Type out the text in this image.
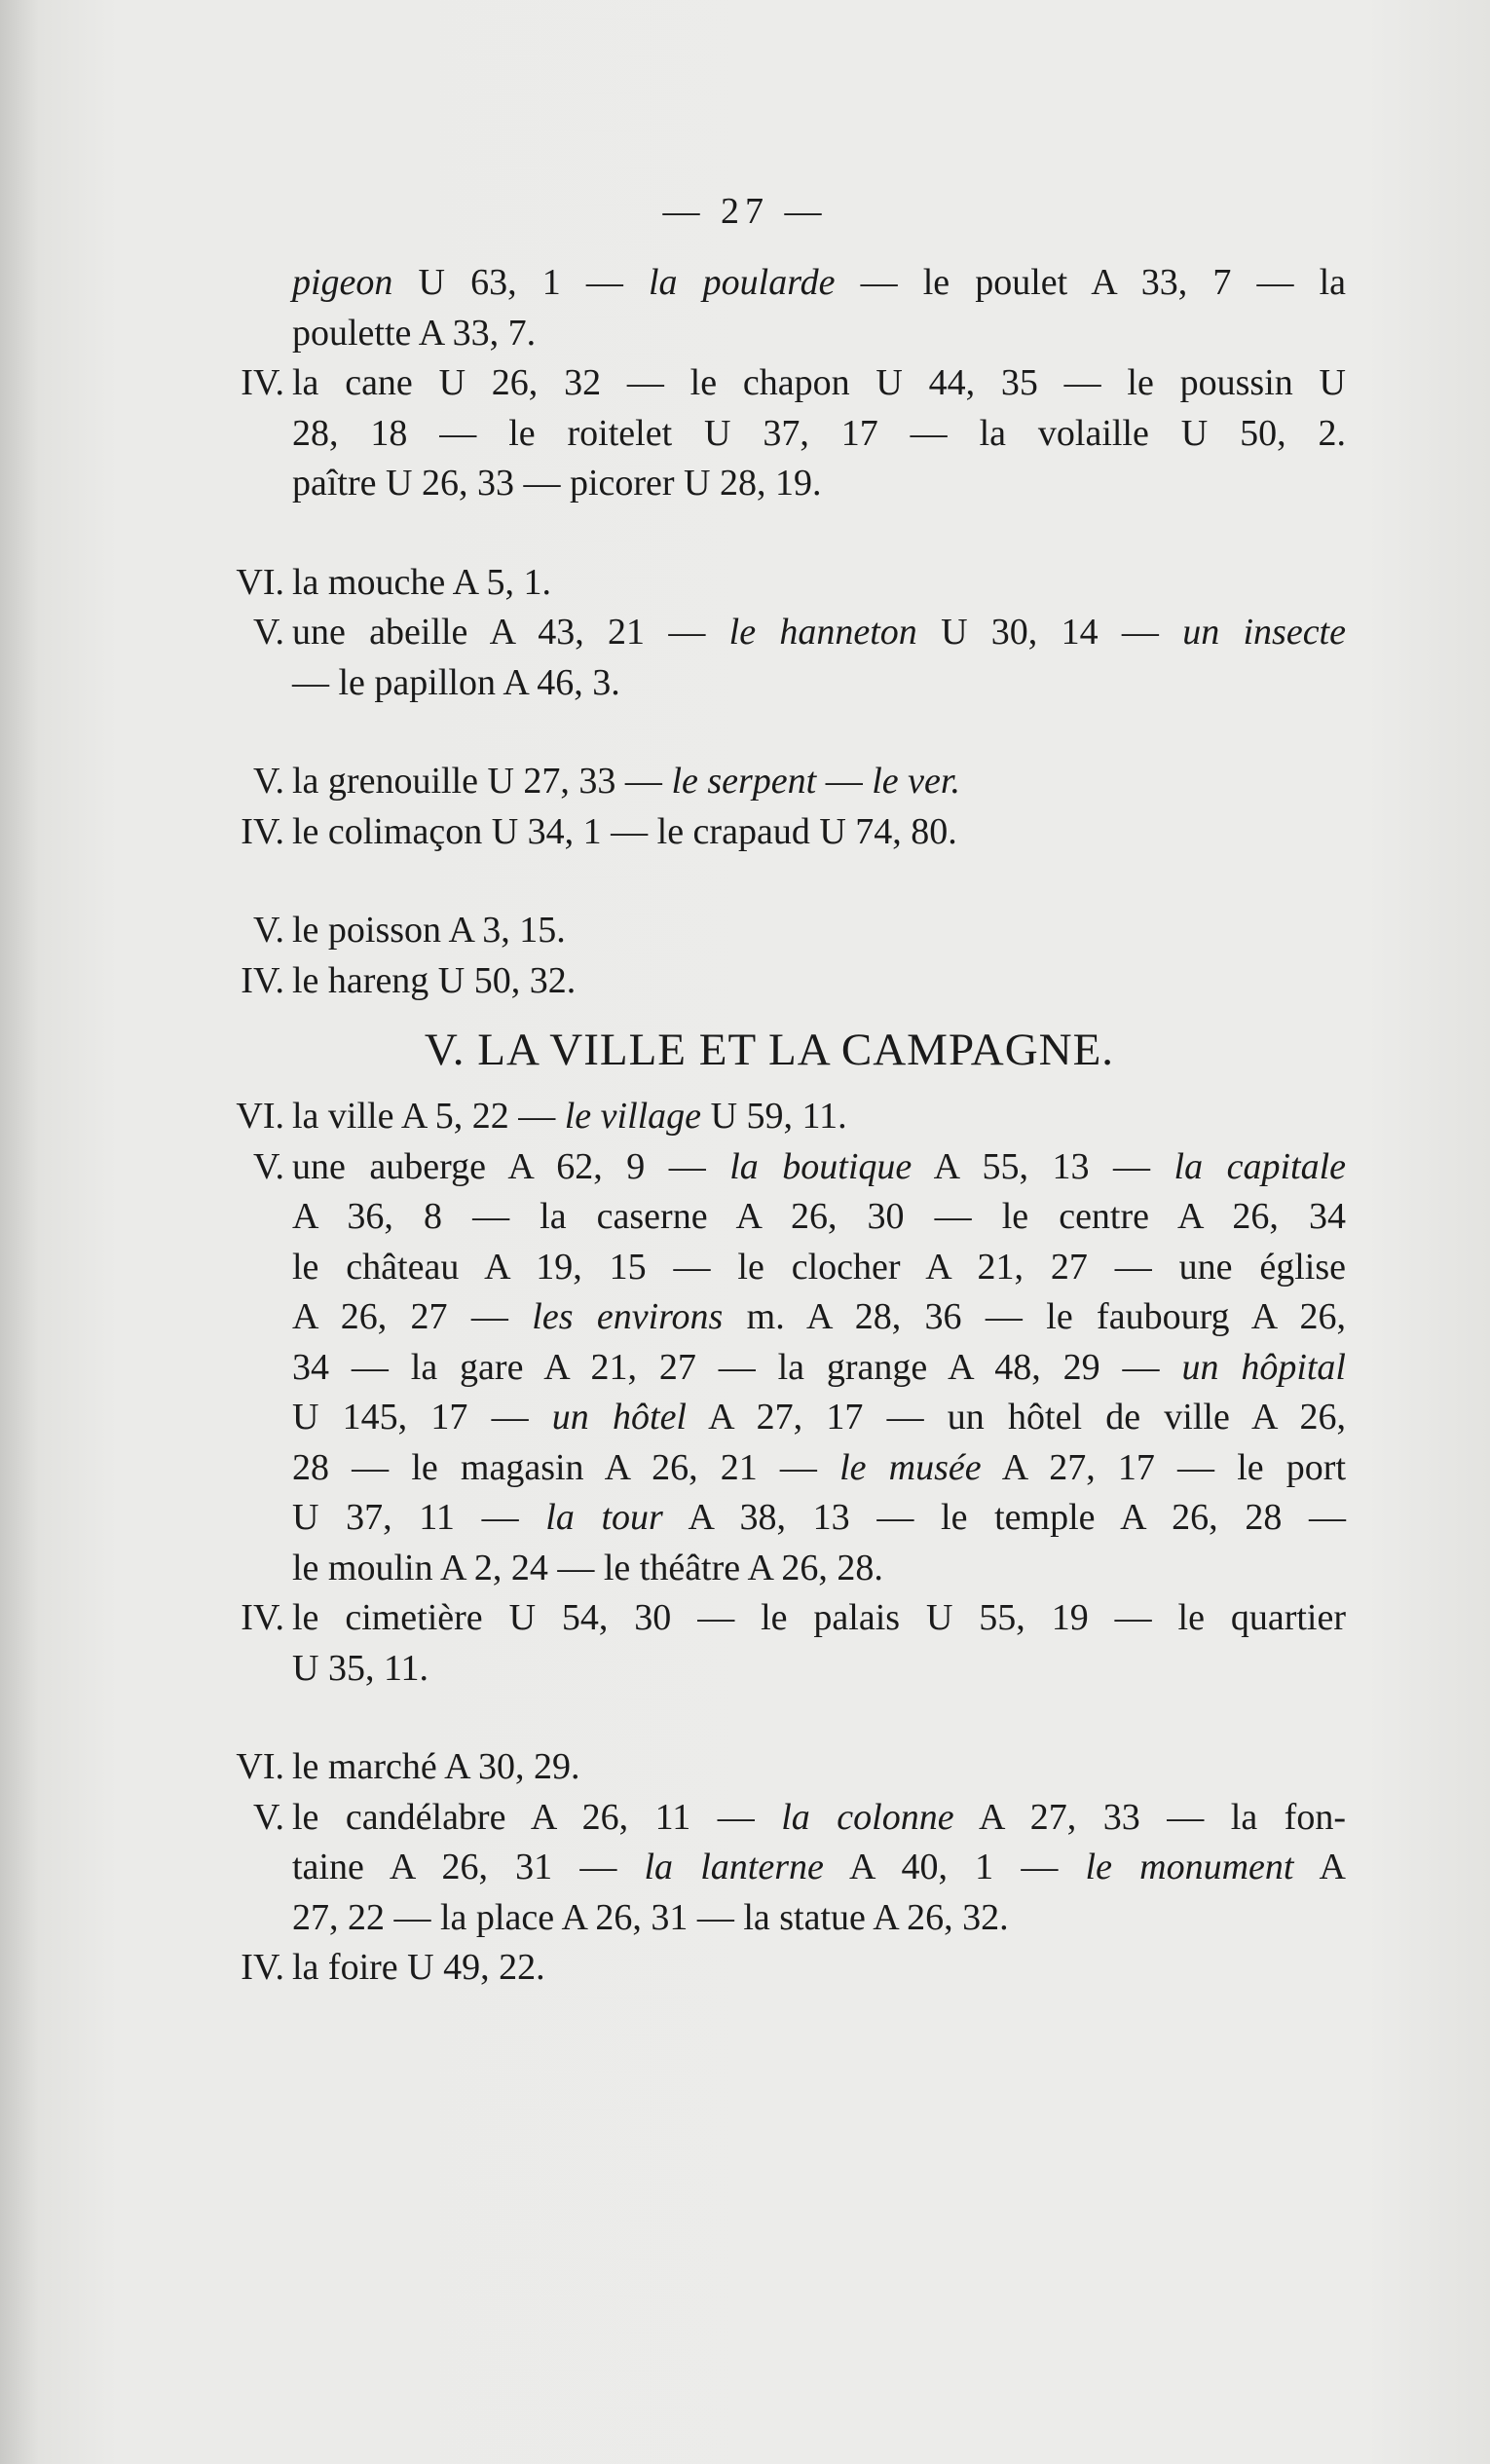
— 27 —
pigeon U 63, 1 — la poularde — le poulet A 33, 7 — la
poulette A 33, 7.
IV. la cane U 26, 32 — le chapon U 44, 35 — le poussin U
28, 18 — le roitelet U 37, 17 — la volaille U 50, 2.
paître U 26, 33 — picorer U 28, 19.
VI. la mouche A 5, 1.
V. une abeille A 43, 21 — le hanneton U 30, 14 — un insecte
— le papillon A 46, 3.
V. la grenouille U 27, 33 — le serpent — le ver.
IV. le colimaçon U 34, 1 — le crapaud U 74, 80.
V. le poisson A 3, 15.
IV. le hareng U 50, 32.
V. LA VILLE ET LA CAMPAGNE.
VI. la ville A 5, 22 — le village U 59, 11.
V. une auberge A 62, 9 — la boutique A 55, 13 — la capitale
A 36, 8 — la caserne A 26, 30 — le centre A 26, 34
le château A 19, 15 — le clocher A 21, 27 — une église
A 26, 27 — les environs m. A 28, 36 — le faubourg A 26,
34 — la gare A 21, 27 — la grange A 48, 29 — un hôpital
U 145, 17 — un hôtel A 27, 17 — un hôtel de ville A 26,
28 — le magasin A 26, 21 — le musée A 27, 17 — le port
U 37, 11 — la tour A 38, 13 — le temple A 26, 28 —
le moulin A 2, 24 — le théâtre A 26, 28.
IV. le cimetière U 54, 30 — le palais U 55, 19 — le quartier
U 35, 11.
VI. le marché A 30, 29.
V. le candélabre A 26, 11 — la colonne A 27, 33 — la fon-
taine A 26, 31 — la lanterne A 40, 1 — le monument A
27, 22 — la place A 26, 31 — la statue A 26, 32.
IV. la foire U 49, 22.
